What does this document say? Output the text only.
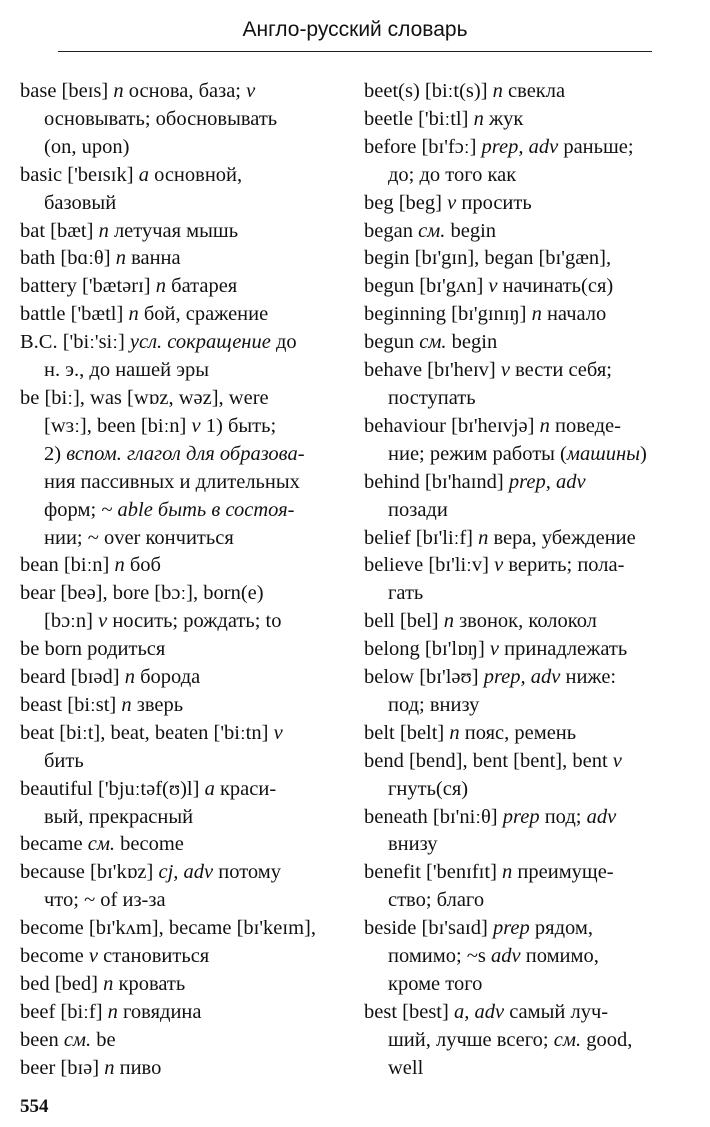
Англо-русский словарь
base [beɪs] n основа, база; v
основывать; обосновывать
(on, upon)
basic ['beɪsɪk] a основной,
базовый
bat [bæt] n летучая мышь
bath [bɑːθ] n ванна
battery ['bætərɪ] n батарея
battle ['bætl] n бой, сражение
B.C. ['biː'siː] усл. сокращение до
н. э., до нашей эры
be [biː], was [wɒz, wəz], were
[wɜː], been [biːn] v 1) быть;
2) вспом. глагол для образова-
ния пассивных и длительных
форм; ~ able быть в состоя-
нии; ~ over кончиться
bean [biːn] n боб
bear [beə], bore [bɔː], born(e)
[bɔːn] v носить; рождать; to
be born родиться
beard [bɪəd] n борода
beast [biːst] n зверь
beat [biːt], beat, beaten ['biːtn] v
бить
beautiful ['bjuːtəf(ʊ)l] a краси-
вый, прекрасный
became см. become
because [bɪ'kɒz] cj, adv потому
что; ~ of из-за
become [bɪ'kʌm], became [bɪ'keɪm],
become v становиться
bed [bed] n кровать
beef [biːf] n говядина
been см. be
beer [bɪə] n пиво
beet(s) [biːt(s)] n свекла
beetle ['biːtl] n жук
before [bɪ'fɔː] prep, adv раньше;
до; до того как
beg [beg] v просить
began см. begin
begin [bɪ'gɪn], began [bɪ'gæn],
begun [bɪ'gʌn] v начинать(ся)
beginning [bɪ'gɪnɪŋ] n начало
begun см. begin
behave [bɪ'heɪv] v вести себя;
поступать
behaviour [bɪ'heɪvjə] n поведе-
ние; режим работы (машины)
behind [bɪ'haɪnd] prep, adv
позади
belief [bɪ'liːf] n вера, убеждение
believe [bɪ'liːv] v верить; пола-
гать
bell [bel] n звонок, колокол
belong [bɪ'lɒŋ] v принадлежать
below [bɪ'ləʊ] prep, adv ниже:
под; внизу
belt [belt] n пояс, ремень
bend [bend], bent [bent], bent v
гнуть(ся)
beneath [bɪ'niːθ] prep под; adv
внизу
benefit ['benɪfɪt] n преимуще-
ство; благо
beside [bɪ'saɪd] prep рядом,
помимо; ~s adv помимо,
кроме того
best [best] a, adv самый луч-
ший, лучше всего; см. good,
well
554
